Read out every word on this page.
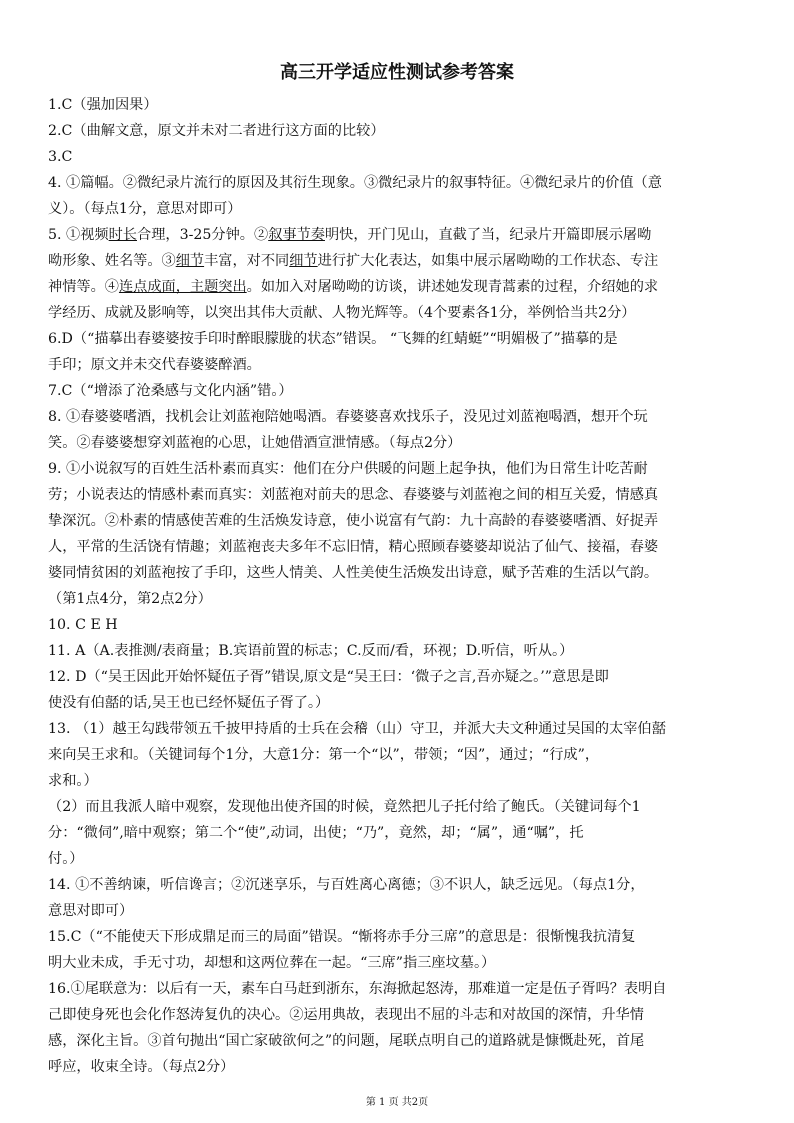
高三开学适应性测试参考答案
1.C（强加因果）
2.C（曲解文意，原文并未对二者进行这方面的比较）
3.C
4. ①篇幅。②微纪录片流行的原因及其衍生现象。③微纪录片的叙事特征。④微纪录片的价值（意
义）。（每点1分，意思对即可）
5. ①视频时长合理，3-25分钟。②叙事节奏明快，开门见山，直截了当，纪录片开篇即展示屠呦
呦形象、姓名等。③细节丰富，对不同细节进行扩大化表达，如集中展示屠呦呦的工作状态、专注
神情等。④连点成面，主题突出。如加入对屠呦呦的访谈，讲述她发现青蒿素的过程，介绍她的求
学经历、成就及影响等，以突出其伟大贡献、人物光辉等。（4个要素各1分，举例恰当共2分）
6.D（“描摹出春婆婆按手印时醉眼朦胧的状态”错误。 “飞舞的红蜻蜓”“明媚极了”描摹的是
手印；原文并未交代春婆婆醉酒。
7.C（“增添了沧桑感与文化内涵”错。）
8. ①春婆婆嗜酒，找机会让刘蓝袍陪她喝酒。春婆婆喜欢找乐子，没见过刘蓝袍喝酒，想开个玩
笑。②春婆婆想穿刘蓝袍的心思，让她借酒宣泄情感。（每点2分）
9. ①小说叙写的百姓生活朴素而真实：他们在分户供暖的问题上起争执，他们为日常生计吃苦耐
劳；小说表达的情感朴素而真实：刘蓝袍对前夫的思念、春婆婆与刘蓝袍之间的相互关爱，情感真
挚深沉。②朴素的情感使苦难的生活焕发诗意，使小说富有气韵：九十高龄的春婆婆嗜酒、好捉弄
人，平常的生活饶有情趣；刘蓝袍丧夫多年不忘旧情，精心照顾春婆婆却说沾了仙气、接福，春婆
婆同情贫困的刘蓝袍按了手印，这些人情美、人性美使生活焕发出诗意，赋予苦难的生活以气韵。
（第1点4分，第2点2分）
10. C E H
11. A（A.表推测/表商量；B.宾语前置的标志；C.反而/看，环视；D.听信，听从。）
12. D（“吴王因此开始怀疑伍子胥”错误,原文是“吴王曰：‘微子之言,吾亦疑之。’”意思是即
使没有伯嚭的话,吴王也已经怀疑伍子胥了。）
13. （1）越王勾践带领五千披甲持盾的士兵在会稽（山）守卫，并派大夫文种通过吴国的太宰伯嚭
来向吴王求和。（关键词每个1分，大意1分：第一个“以”，带领；“因”，通过；“行成”，
求和。）
（2）而且我派人暗中观察，发现他出使齐国的时候，竟然把儿子托付给了鲍氏。（关键词每个1
分：“微伺”,暗中观察；第二个“使”,动词，出使；“乃”，竟然，却；“属”，通“嘱”，托
付。）
14. ①不善纳谏，听信谗言；②沉迷享乐，与百姓离心离德；③不识人，缺乏远见。（每点1分，
意思对即可）
15.C（“不能使天下形成鼎足而三的局面”错误。“惭将赤手分三席”的意思是：很惭愧我抗清复
明大业未成，手无寸功，却想和这两位葬在一起。“三席”指三座坟墓。）
16.①尾联意为：以后有一天，素车白马赶到浙东，东海掀起怒涛，那难道一定是伍子胥吗？表明自
己即使身死也会化作怒涛复仇的决心。②运用典故，表现出不屈的斗志和对故国的深情，升华情
感，深化主旨。③首句抛出“国亡家破欲何之”的问题，尾联点明自己的道路就是慷慨赴死，首尾
呼应，收束全诗。（每点2分）
第 1 页 共2页
